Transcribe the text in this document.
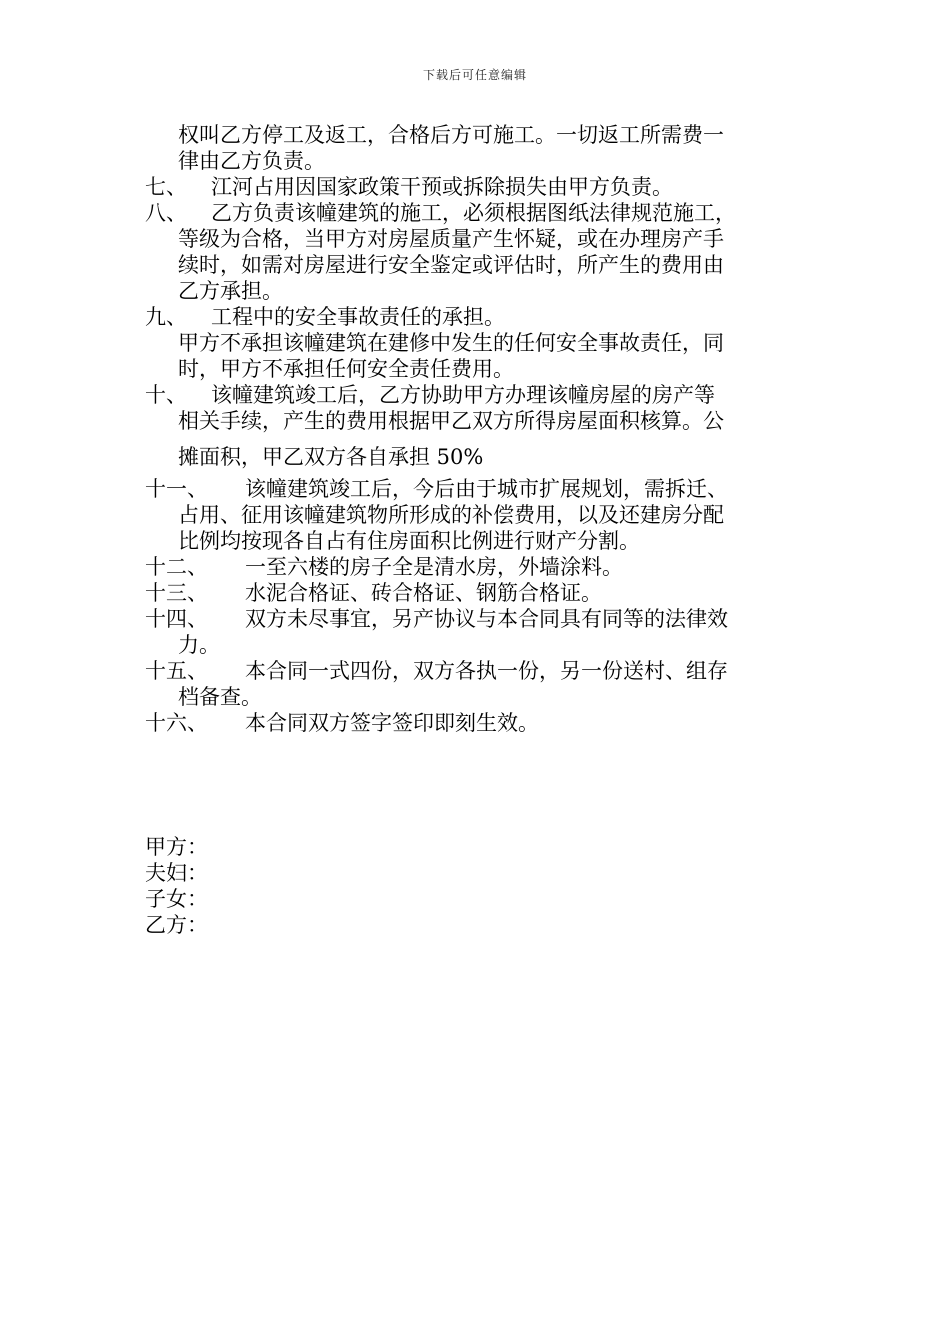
下载后可任意编辑
权叫乙方停工及返工，合格后方可施工。一切返工所需费一
律由乙方负责。
七、	江河占用因国家政策干预或拆除损失由甲方负责。
八、	乙方负责该幢建筑的施工，必须根据图纸法律规范施工，
等级为合格，当甲方对房屋质量产生怀疑，或在办理房产手
续时，如需对房屋进行安全鉴定或评估时，所产生的费用由
乙方承担。
九、	工程中的安全事故责任的承担。
甲方不承担该幢建筑在建修中发生的任何安全事故责任，同
时，甲方不承担任何安全责任费用。
十、	该幢建筑竣工后，乙方协助甲方办理该幢房屋的房产等
相关手续，产生的费用根据甲乙双方所得房屋面积核算。公
摊面积，甲乙双方各自承担 50%
十一、	该幢建筑竣工后，今后由于城市扩展规划，需拆迁、
占用、征用该幢建筑物所形成的补偿费用，以及还建房分配
比例均按现各自占有住房面积比例进行财产分割。
十二、	一至六楼的房子全是清水房，外墙涂料。
十三、	水泥合格证、砖合格证、钢筋合格证。
十四、	双方未尽事宜，另产协议与本合同具有同等的法律效
力。
十五、	本合同一式四份，双方各执一份，另一份送村、组存
档备查。
十六、	本合同双方签字签印即刻生效。
甲方：
夫妇：
子女：
乙方：
